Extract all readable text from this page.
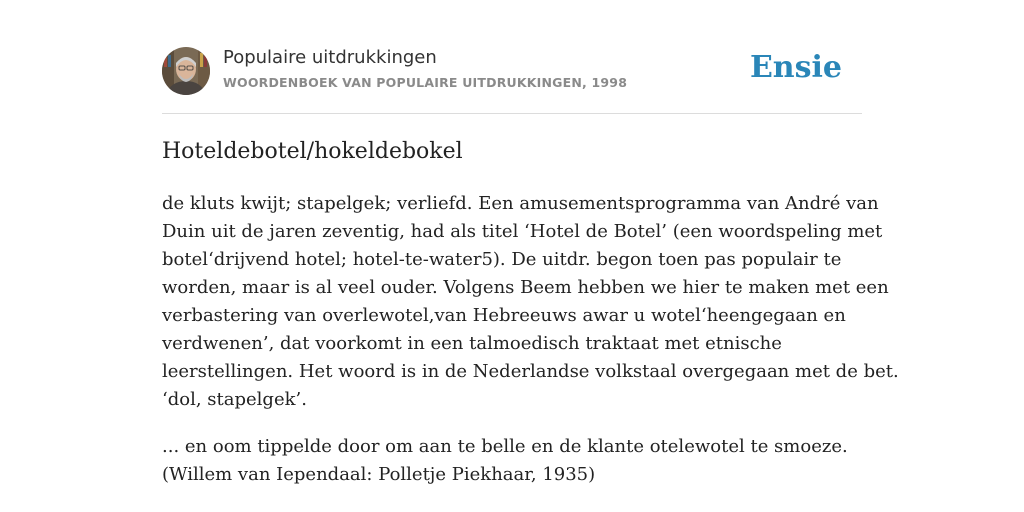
Populaire uitdrukkingen
WOORDENBOEK VAN POPULAIRE UITDRUKKINGEN, 1998	Ensie
Hoteldebotel/hokeldebokel

de kluts kwijt; stapelgek; verliefd. Een amusementsprogramma van André van
Duin uit de jaren zeventig, had als titel ‘Hotel de Botel’ (een woordspeling met
botel‘drijvend hotel; hotel-te-water5). De uitdr. begon toen pas populair te
worden, maar is al veel ouder. Volgens Beem hebben we hier te maken met een
verbastering van overlewotel,van Hebreeuws awar u wotel‘heengegaan en
verdwenen’, dat voorkomt in een talmoedisch traktaat met etnische
leerstellingen. Het woord is in de Nederlandse volkstaal overgegaan met de bet.
‘dol, stapelgek’.

... en oom tippelde door om aan te belle en de klante otelewotel te smoeze.
(Willem van Iependaal: Polletje Piekhaar, 1935)
